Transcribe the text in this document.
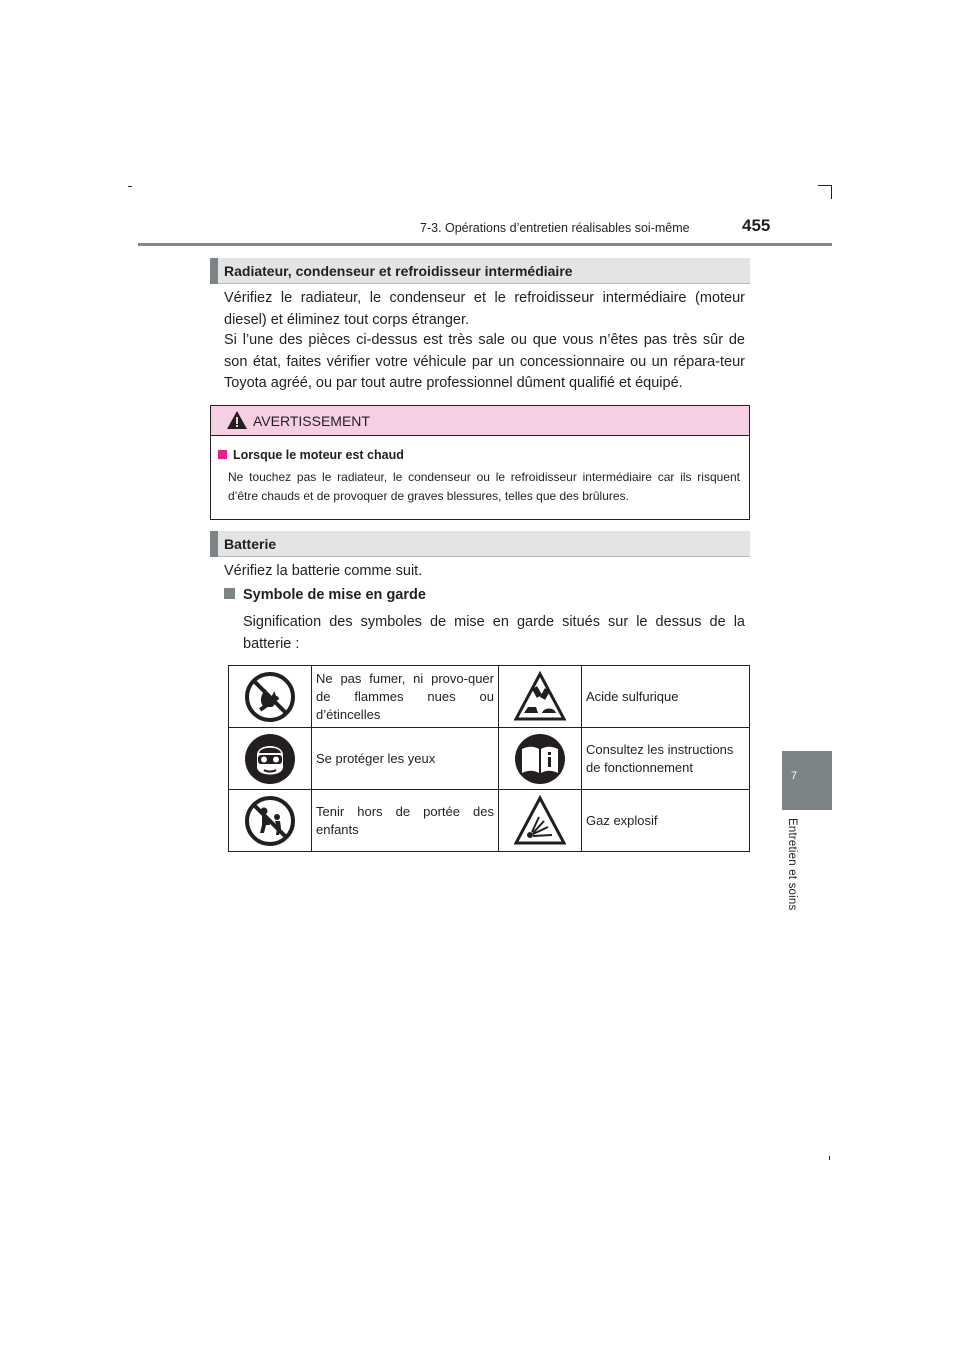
7-3. Opérations d’entretien réalisables soi-même	455
7
Entretien et soins
Radiateur, condenseur et refroidisseur intermédiaire
Vérifiez le radiateur, le condenseur et le refroidisseur intermédiaire (moteur diesel) et éliminez tout corps étranger.
Si l’une des pièces ci-dessus est très sale ou que vous n’êtes pas très sûr de son état, faites vérifier votre véhicule par un concessionnaire ou un répara-teur Toyota agréé, ou par tout autre professionnel dûment qualifié et équipé.
AVERTISSEMENT
Lorsque le moteur est chaud
Ne touchez pas le radiateur, le condenseur ou le refroidisseur intermédiaire car ils risquent d’être chauds et de provoquer de graves blessures, telles que des brûlures.
Batterie
Vérifiez la batterie comme suit.
Symbole de mise en garde
Signification des symboles de mise en garde situés sur le dessus de la batterie :
	Ne pas fumer, ni provo-quer de flammes nues ou d’étincelles		Acide sulfurique

	Se protéger les yeux		Consultez les instructions de fonctionnement

	Tenir hors de portée des enfants		Gaz explosif
